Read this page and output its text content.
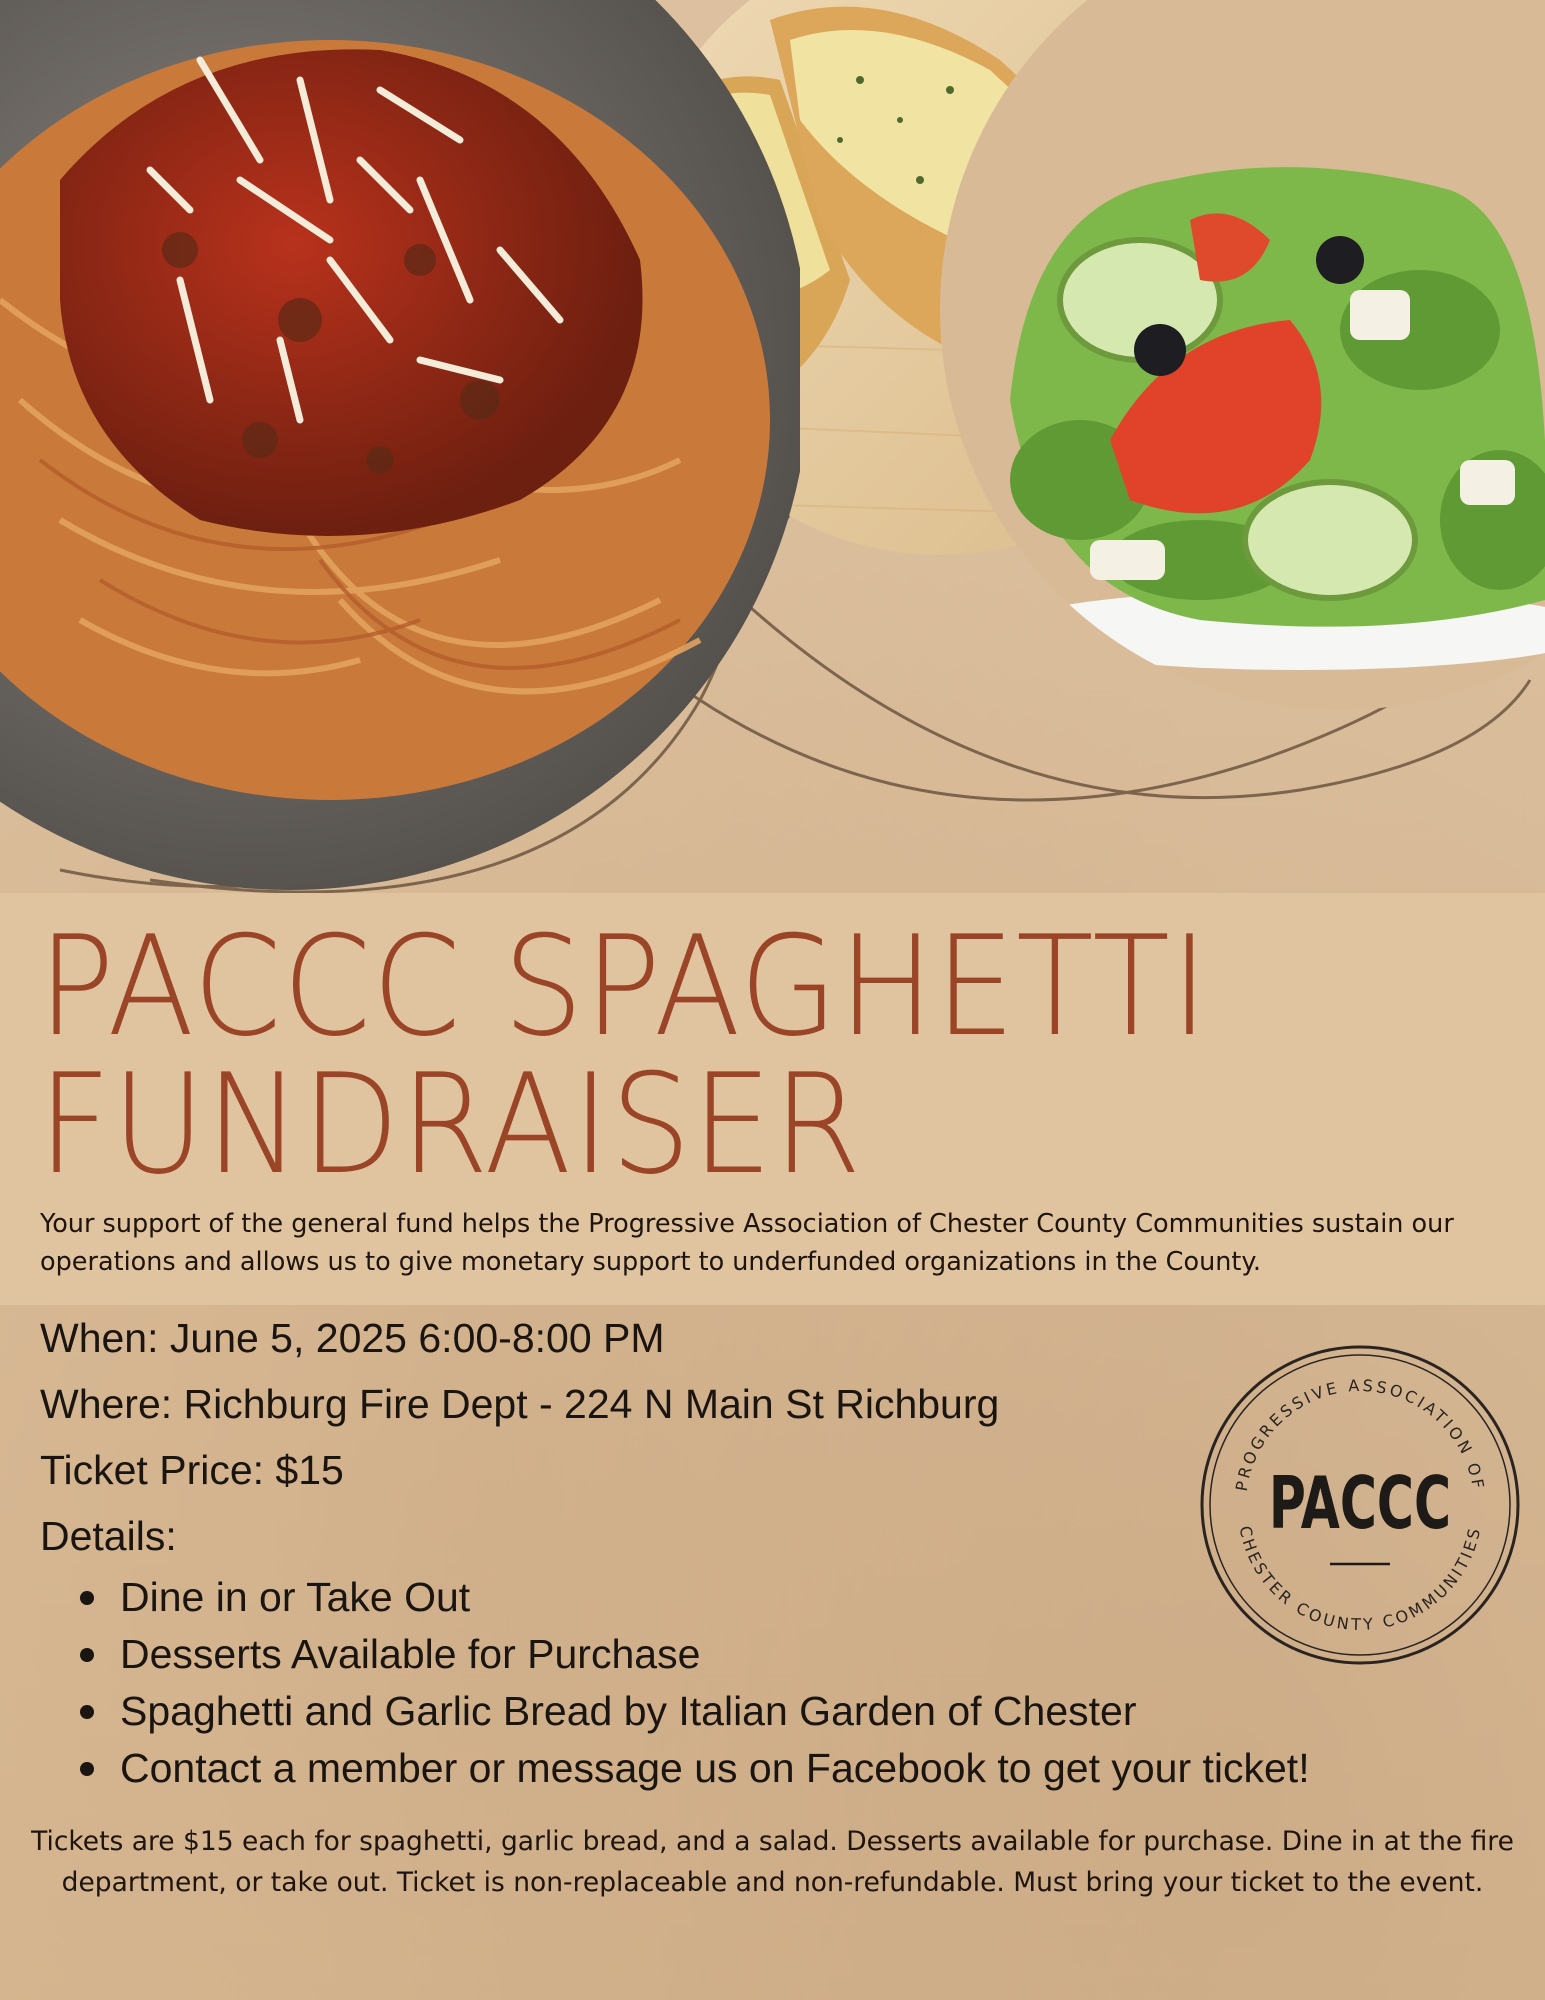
PACCC SPAGHETTI
FUNDRAISER

Your support of the general fund helps the Progressive Association of Chester County Communities sustain our operations and allows us to give monetary support to underfunded organizations in the County.

When: June 5, 2025 6:00-8:00 PM
Where: Richburg Fire Dept - 224 N Main St Richburg
Ticket Price: $15
Details:
Dine in or Take Out
Desserts Available for Purchase
Spaghetti and Garlic Bread by Italian Garden of Chester
Contact a member or message us on Facebook to get your ticket!
PROGRESSIVE ASSOCIATION OF
CHESTER COUNTY COMMUNITIES
PACCC

Tickets are $15 each for spaghetti, garlic bread, and a salad. Desserts available for purchase. Dine in at the fire department, or take out. Ticket is non-replaceable and non-refundable. Must bring your ticket to the event.
